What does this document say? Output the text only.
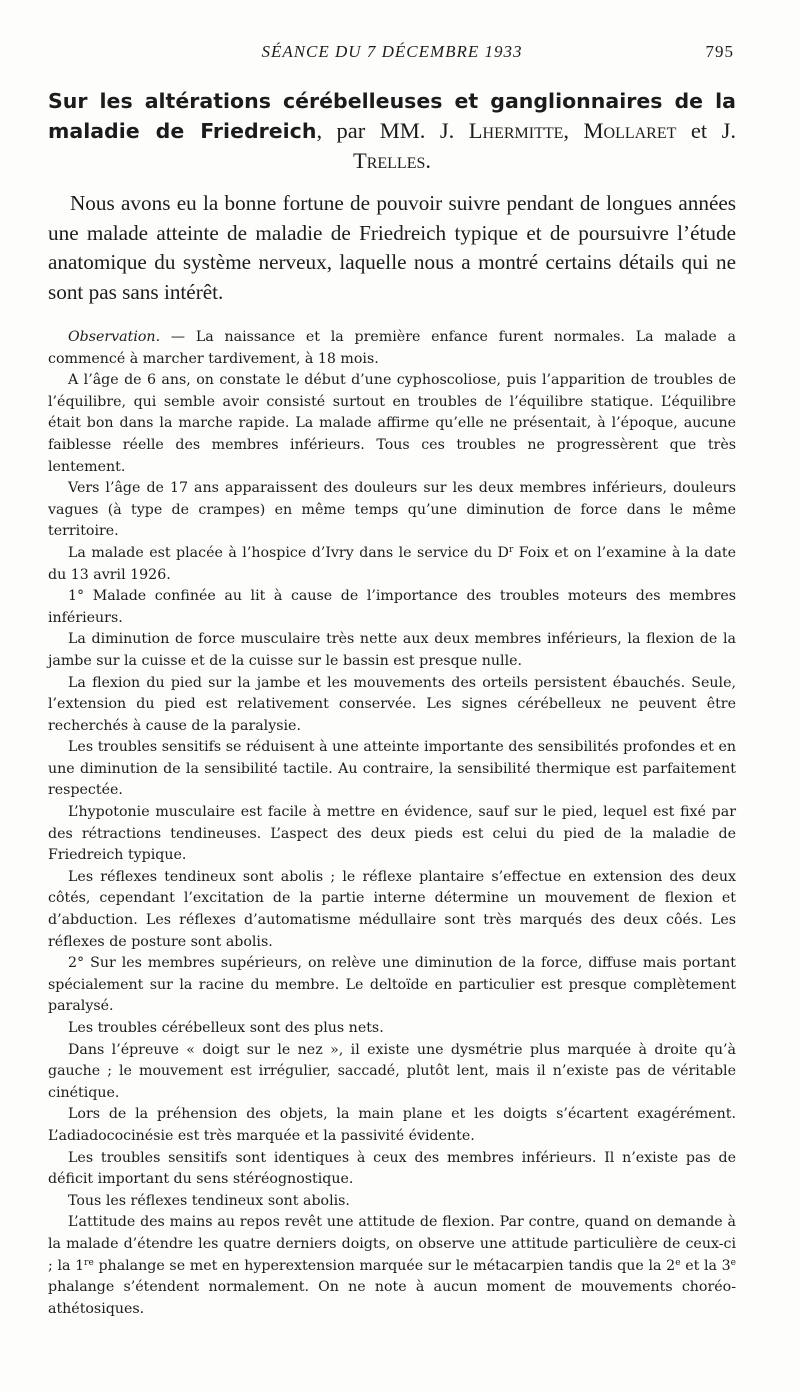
SÉANCE DU 7 DÉCEMBRE 1933	795
Sur les altérations cérébelleuses et ganglionnaires de la maladie de Friedreich, par MM. J. Lhermitte, Mollaret et J. Trelles.
Nous avons eu la bonne fortune de pouvoir suivre pendant de longues années une malade atteinte de maladie de Friedreich typique et de poursuivre l’étude anatomique du système nerveux, laquelle nous a montré certains détails qui ne sont pas sans intérêt.

Observation. — La naissance et la première enfance furent normales. La malade a commencé à marcher tardivement, à 18 mois.

A l’âge de 6 ans, on constate le début d’une cyphoscoliose, puis l’apparition de troubles de l’équilibre, qui semble avoir consisté surtout en troubles de l’équilibre statique. L’équilibre était bon dans la marche rapide. La malade affirme qu’elle ne présentait, à l’époque, aucune faiblesse réelle des membres inférieurs. Tous ces troubles ne progressèrent que très lentement.

Vers l’âge de 17 ans apparaissent des douleurs sur les deux membres inférieurs, douleurs vagues (à type de crampes) en même temps qu’une diminution de force dans le même territoire.

La malade est placée à l’hospice d’Ivry dans le service du $D^r$ Foix et on l’examine à la date du 13 avril 1926.

1° Malade confinée au lit à cause de l’importance des troubles moteurs des membres inférieurs.

La diminution de force musculaire très nette aux deux membres inférieurs, la flexion de la jambe sur la cuisse et de la cuisse sur le bassin est presque nulle.

La flexion du pied sur la jambe et les mouvements des orteils persistent ébauchés. Seule, l’extension du pied est relativement conservée. Les signes cérébelleux ne peuvent être recherchés à cause de la paralysie.

Les troubles sensitifs se réduisent à une atteinte importante des sensibilités profondes et en une diminution de la sensibilité tactile. Au contraire, la sensibilité thermique est parfaitement respectée.

L’hypotonie musculaire est facile à mettre en évidence, sauf sur le pied, lequel est fixé par des rétractions tendineuses. L’aspect des deux pieds est celui du pied de la maladie de Friedreich typique.

Les réflexes tendineux sont abolis ; le réflexe plantaire s’effectue en extension des deux côtés, cependant l’excitation de la partie interne détermine un mouvement de flexion et d’abduction. Les réflexes d’automatisme médullaire sont très marqués des deux côés. Les réflexes de posture sont abolis.

2° Sur les membres supérieurs, on relève une diminution de la force, diffuse mais portant spécialement sur la racine du membre. Le deltoïde en particulier est presque complètement paralysé.

Les troubles cérébelleux sont des plus nets.

Dans l’épreuve « doigt sur le nez », il existe une dysmétrie plus marquée à droite qu’à gauche ; le mouvement est irrégulier, saccadé, plutôt lent, mais il n’existe pas de véritable cinétique.

Lors de la préhension des objets, la main plane et les doigts s’écartent exagérément. L’adiadococinésie est très marquée et la passivité évidente.

Les troubles sensitifs sont identiques à ceux des membres inférieurs. Il n’existe pas de déficit important du sens stéréognostique.

Tous les réflexes tendineux sont abolis.

L’attitude des mains au repos revêt une attitude de flexion. Par contre, quand on demande à la malade d’étendre les quatre derniers doigts, on observe une attitude particulière de ceux-ci ; la 1re phalange se met en hyperextension marquée sur le métacarpien tandis que la 2e et la 3e phalange s’étendent normalement. On ne note à aucun moment de mouvements choréo-athétosiques.
